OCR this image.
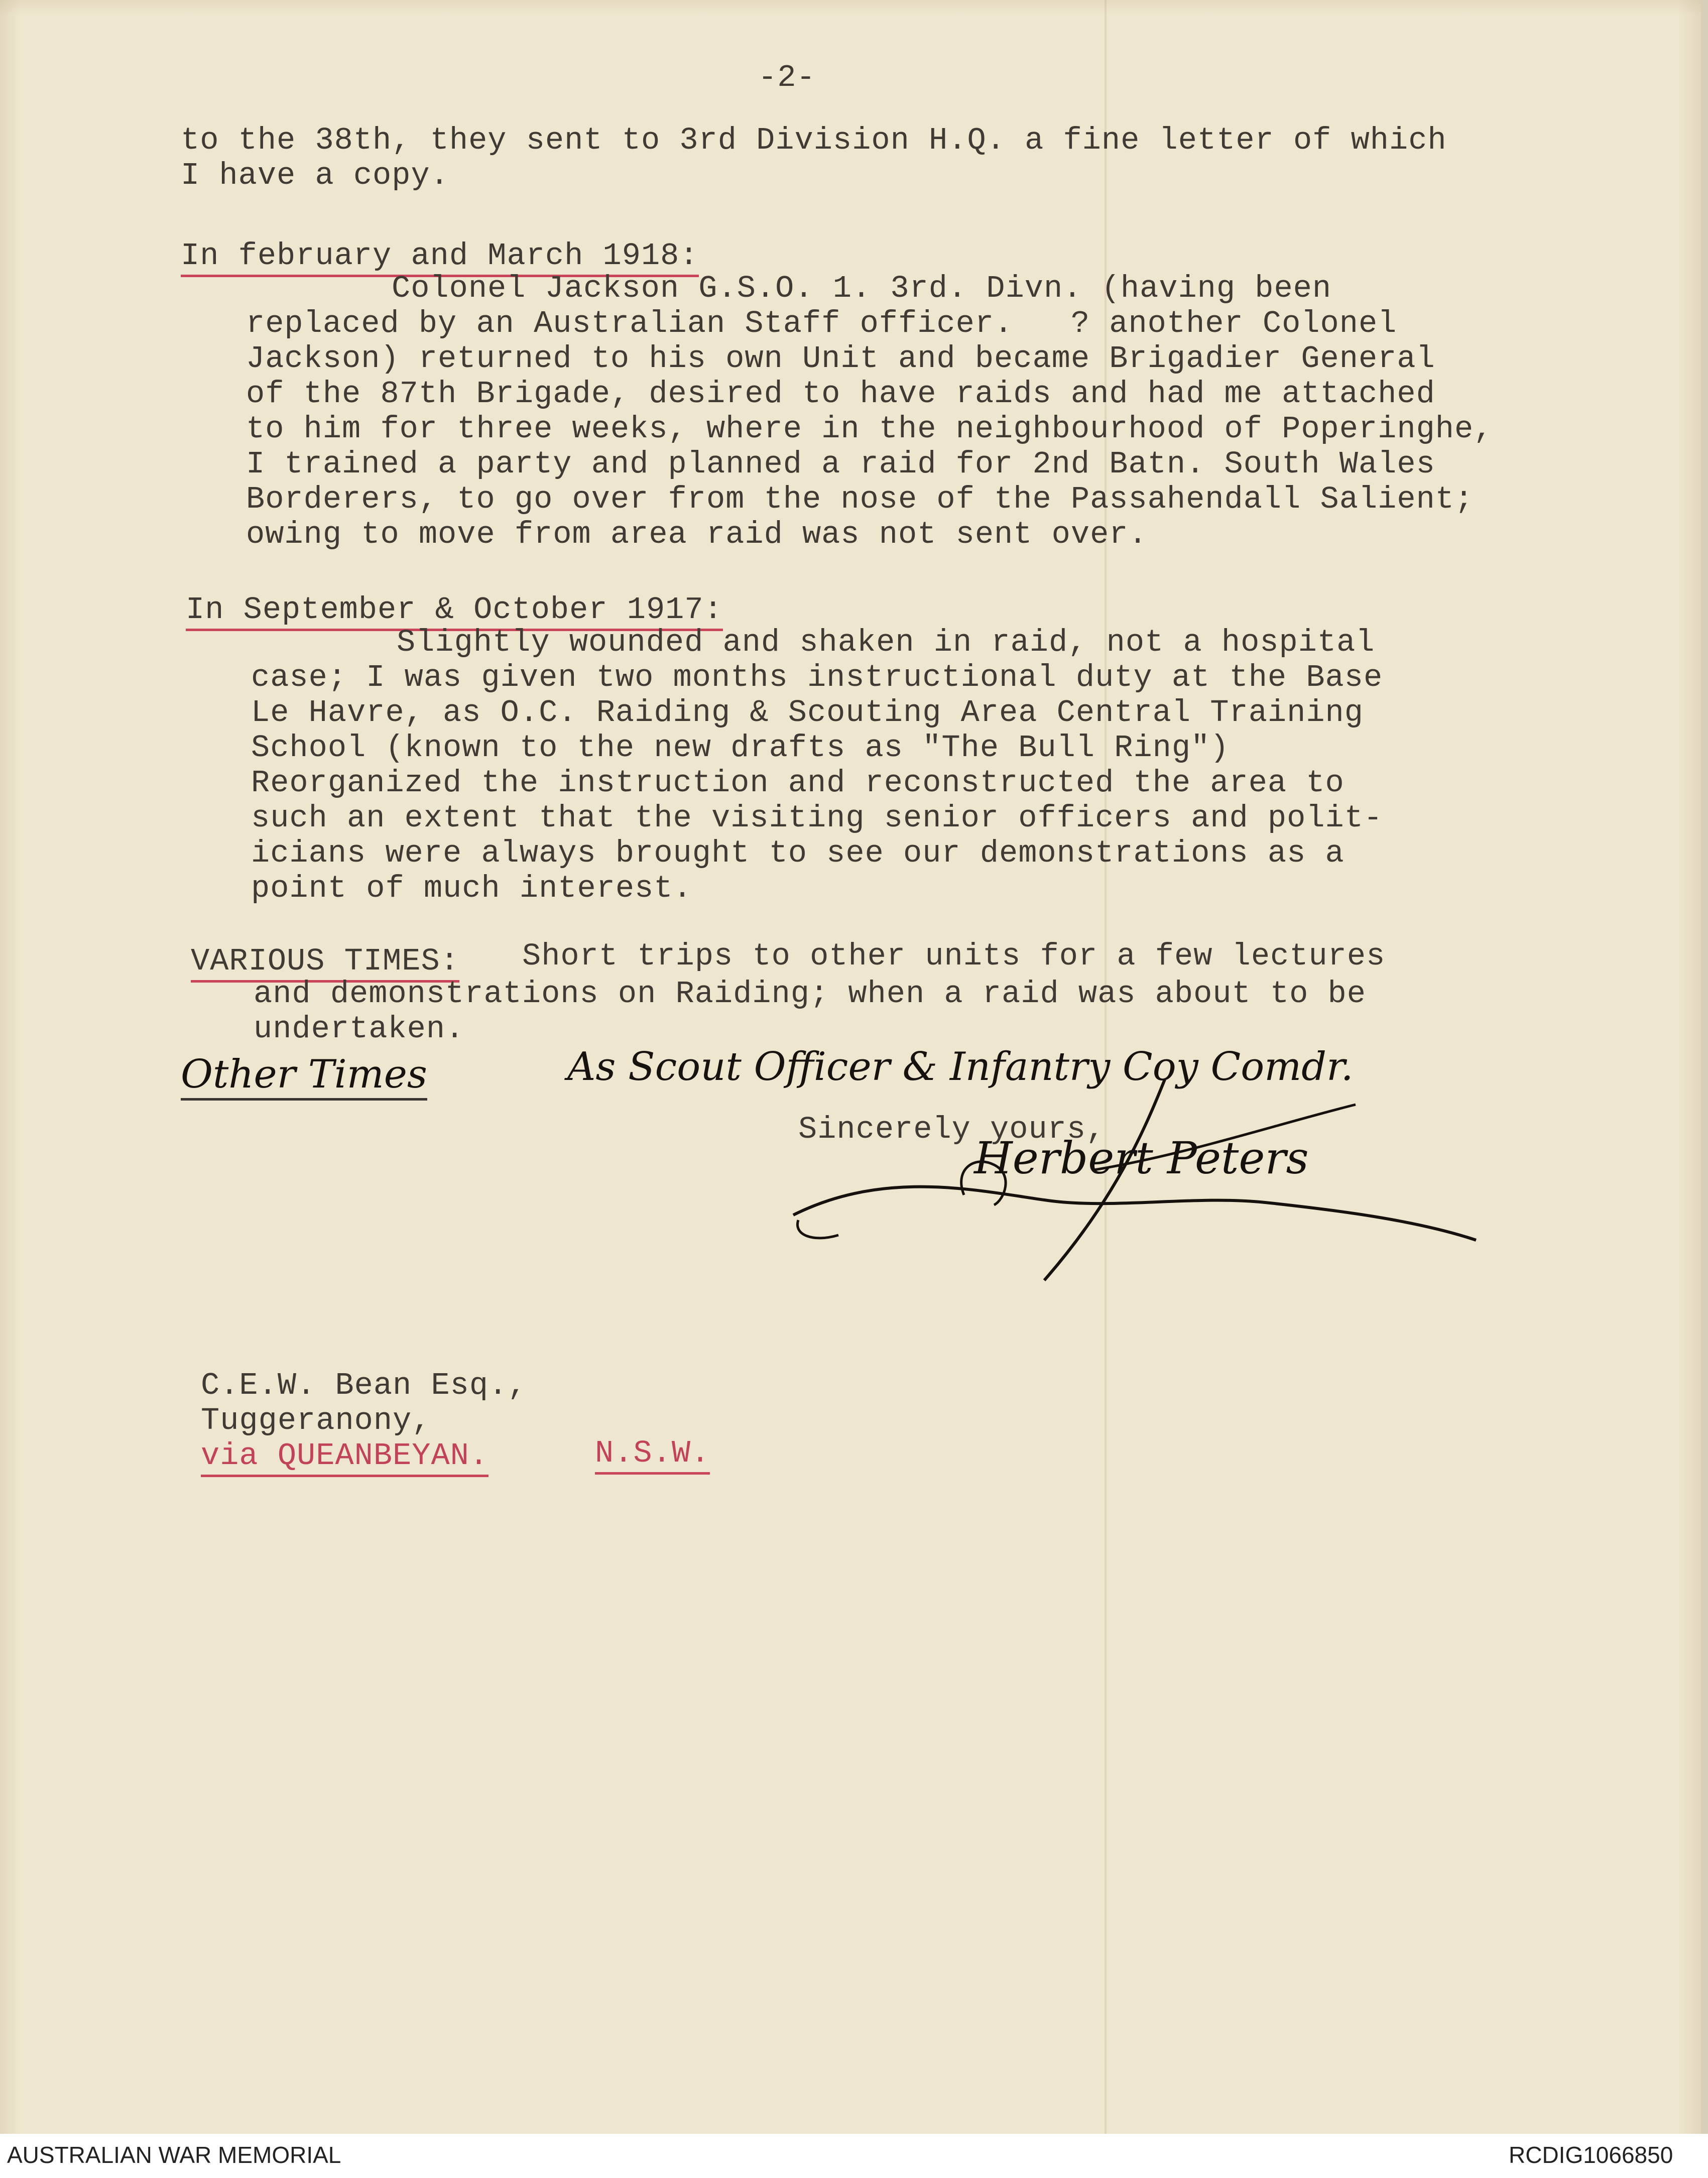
-2-
to the 38th, they sent to 3rd Division H.Q. a fine letter of which
I have a copy.
In february and March 1918:
Colonel Jackson G.S.O. 1. 3rd. Divn. (having been
replaced by an Australian Staff officer.   ? another Colonel
Jackson) returned to his own Unit and became Brigadier General
of the 87th Brigade, desired to have raids and had me attached
to him for three weeks, where in the neighbourhood of Poperinghe,
I trained a party and planned a raid for 2nd Batn. South Wales
Borderers, to go over from the nose of the Passahendall Salient;
owing to move from area raid was not sent over.
In September & October 1917:
Slightly wounded and shaken in raid, not a hospital
case; I was given two months instructional duty at the Base
Le Havre, as O.C. Raiding & Scouting Area Central Training
School (known to the new drafts as "The Bull Ring")
Reorganized the instruction and reconstructed the area to
such an extent that the visiting senior officers and polit-
icians were always brought to see our demonstrations as a
point of much interest.
VARIOUS TIMES: Short trips to other units for a few lectures
and demonstrations on Raiding; when a raid was about to be
undertaken.
Other Times	As Scout Officer & Infantry Coy Comdr.
Sincerely yours,
Herbert Peters
C.E.W. Bean Esq.,
Tuggeranony,
via QUEANBEYAN.	N.S.W.
AUSTRALIAN WAR MEMORIAL	RCDIG1066850
